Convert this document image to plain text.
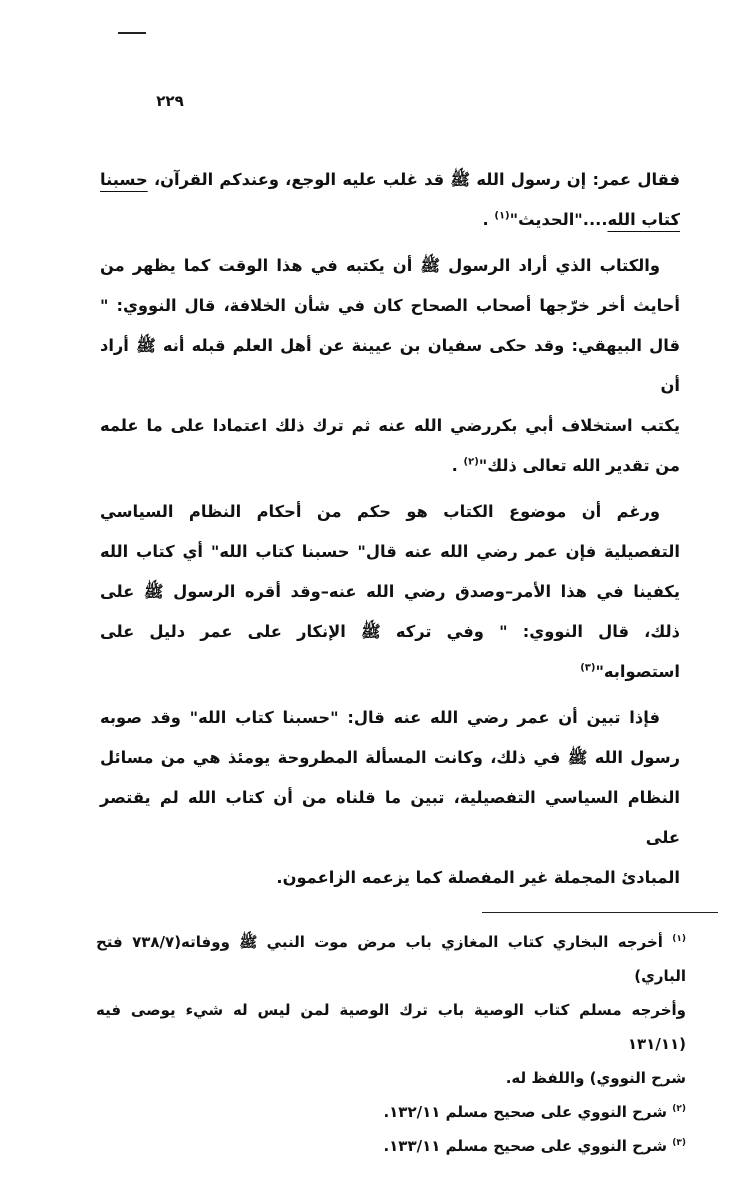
٢٢٩

فقال عمر: إن رسول الله ﷺ قد غلب عليه الوجع، وعندكم القرآن، حسبنا
كتاب الله...."الحديث"$^{(١)}$ .

والكتاب الذي أراد الرسول ﷺ أن يكتبه في هذا الوقت كما يظهر من
أحايث أخر خرّجها أصحاب الصحاح كان في شأن الخلافة، قال النووي: "
قال البيهقي: وقد حكى سفيان بن عيينة عن أهل العلم قبله أنه ﷺ أراد أن
يكتب استخلاف أبي بكررضي الله عنه ثم ترك ذلك اعتمادا على ما علمه
من تقدير الله تعالى ذلك"$^{(٢)}$ .

ورغم أن موضوع الكتاب هو حكم من أحكام النظام السياسي
التفصيلية فإن عمر رضي الله عنه قال" حسبنا كتاب الله" أي كتاب الله
يكفينا في هذا الأمر–وصدق رضي الله عنه–وقد أقره الرسول ﷺ على
ذلك، قال النووي: " وفي تركه ﷺ الإنكار على عمر دليل على
استصوابه"$^{(٣)}$

فإذا تبين أن عمر رضي الله عنه قال: "حسبنا كتاب الله" وقد صوبه
رسول الله ﷺ في ذلك، وكانت المسألة المطروحة يومئذ هي من مسائل
النظام السياسي التفصيلية، تبين ما قلناه من أن كتاب الله لم يقتصر على
المبادئ المجملة غير المفصلة كما يزعمه الزاعمون.

$^{(١)}$ أخرجه البخاري كتاب المغازي باب مرض موت النبي ﷺ ووفاته(٧٣٨/٧ فتح الباري)
وأخرجه مسلم كتاب الوصية باب ترك الوصية لمن ليس له شيء يوصى فيه (١٣١/١١
شرح النووي) واللفظ له.

$^{(٢)}$ شرح النووي على صحيح مسلم ١٣٢/١١.

$^{(٣)}$ شرح النووي على صحيح مسلم ١٣٣/١١.
